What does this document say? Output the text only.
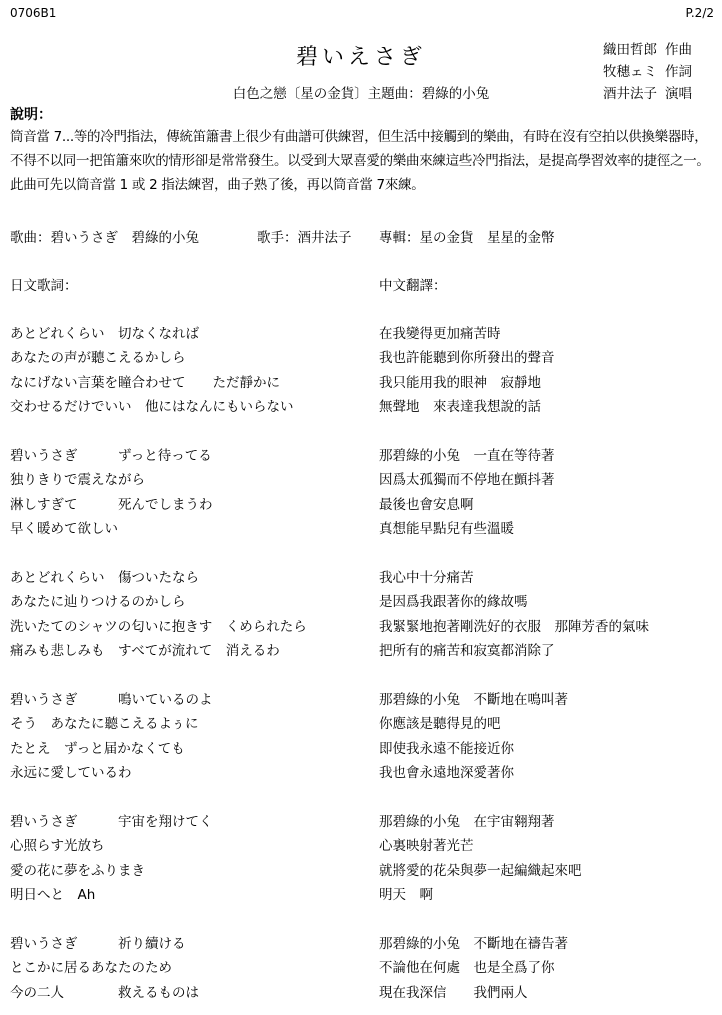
0706B1	P.2/2
碧いえさぎ
白色之戀〔星の金貨〕主題曲：碧綠的小兔
織田哲郎 作曲
牧穗ェミ 作詞
酒井法子 演唱
說明：
筒音當 7...等的冷門指法，傳統笛簫書上很少有曲譜可供練習，但生活中接觸到的樂曲，有時在沒有空拍以供換樂器時，不得不以同一把笛簫來吹的情形卻是常常發生。以受到大眾喜愛的樂曲來練這些冷門指法，是提高學習效率的捷徑之一。此曲可先以筒音當 1 或 2 指法練習，曲子熟了後，再以筒音當 7來練。
歌曲：碧いうさぎ　碧綠的小兔	歌手：酒井法子 專輯：星の金貨　星星的金幣
日文歌詞：	中文翻譯：
あとどれくらい　切なくなれば	在我變得更加痛苦時
あなたの声が聽こえるかしら	我也許能聽到你所發出的聲音
なにげない言葉を瞳合わせて　　ただ靜かに	我只能用我的眼神　寂靜地
交わせるだけでいい　他にはなんにもいらない	無聲地　來表達我想說的話
碧いうさぎ　　　ずっと待ってる	那碧綠的小兔　一直在等待著
独りきりで震えながら	因爲太孤獨而不停地在顫抖著
淋しすぎて　　　死んでしまうわ	最後也會安息啊
早く暖めて欲しい	真想能早點兒有些溫暖
あとどれくらい　傷ついたなら	我心中十分痛苦
あなたに辿りつけるのかしら	是因爲我跟著你的緣故嗎
洗いたてのシャツの匂いに抱きす　くめられたら	我緊緊地抱著剛洗好的衣服　那陣芳香的氣味
痛みも悲しみも　すべてが流れて　消えるわ	把所有的痛苦和寂寞都消除了
碧いうさぎ　　　鳴いているのよ	那碧綠的小兔　不斷地在鳴叫著
そう　あなたに聽こえるよぅに	你應該是聽得見的吧
たとえ　ずっと届かなくても	即使我永遠不能接近你
永远に愛しているわ	我也會永遠地深愛著你
碧いうさぎ　　　宇宙を翔けてく	那碧綠的小兔　在宇宙翱翔著
心照らす光放ち	心裏映射著光芒
愛の花に夢をふりまき	就將愛的花朵與夢一起編織起來吧
明日へと　Ah	明天　啊
碧いうさぎ　　　祈り續ける	那碧綠的小兔　不斷地在禱告著
とこかに居るあなたのため	不論他在何處　也是全爲了你
今の二人　　　　救えるものは	現在我深信　　我們兩人
